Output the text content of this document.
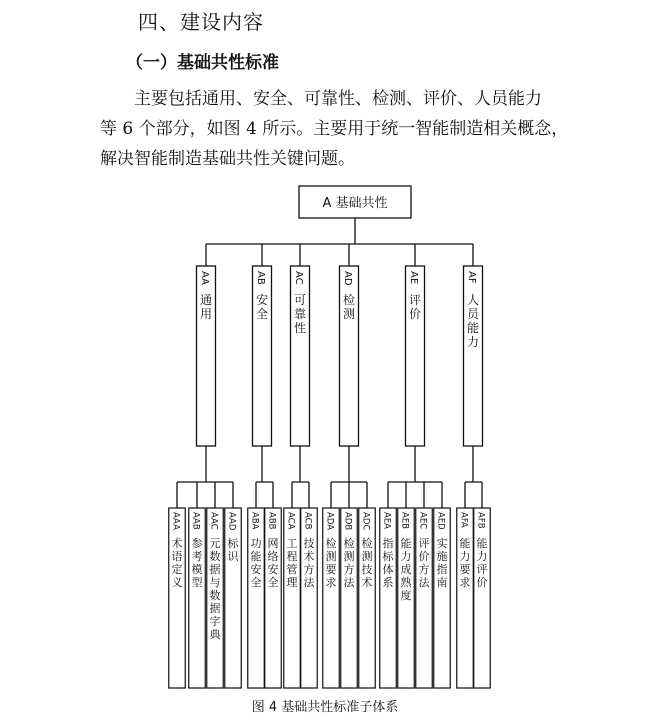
四、建设内容
（一）基础共性标准
主要包括通用、安全、可靠性、检测、评价、人员能力
等 6 个部分，如图 4 所示。主要用于统一智能制造相关概念，
解决智能制造基础共性关键问题。
A 基础共性
AA
通
用
AAA
术
语
定
义
AAB
参
考
模
型
AAC
元
数
据
与
数
据
字
典
AAD
标
识
AB
安
全
ABA
功
能
安
全
ABB
网
络
安
全
AC
可
靠
性
ACA
工
程
管
理
ACB
技
术
方
法
AD
检
测
ADA
检
测
要
求
ADB
检
测
方
法
ADC
检
测
技
术
AE
评
价
AEA
指
标
体
系
AEB
能
力
成
熟
度
AEC
评
价
方
法
AED
实
施
指
南
AF
人
员
能
力
AFA
能
力
要
求
AFB
能
力
评
价
图 4 基础共性标准子体系
